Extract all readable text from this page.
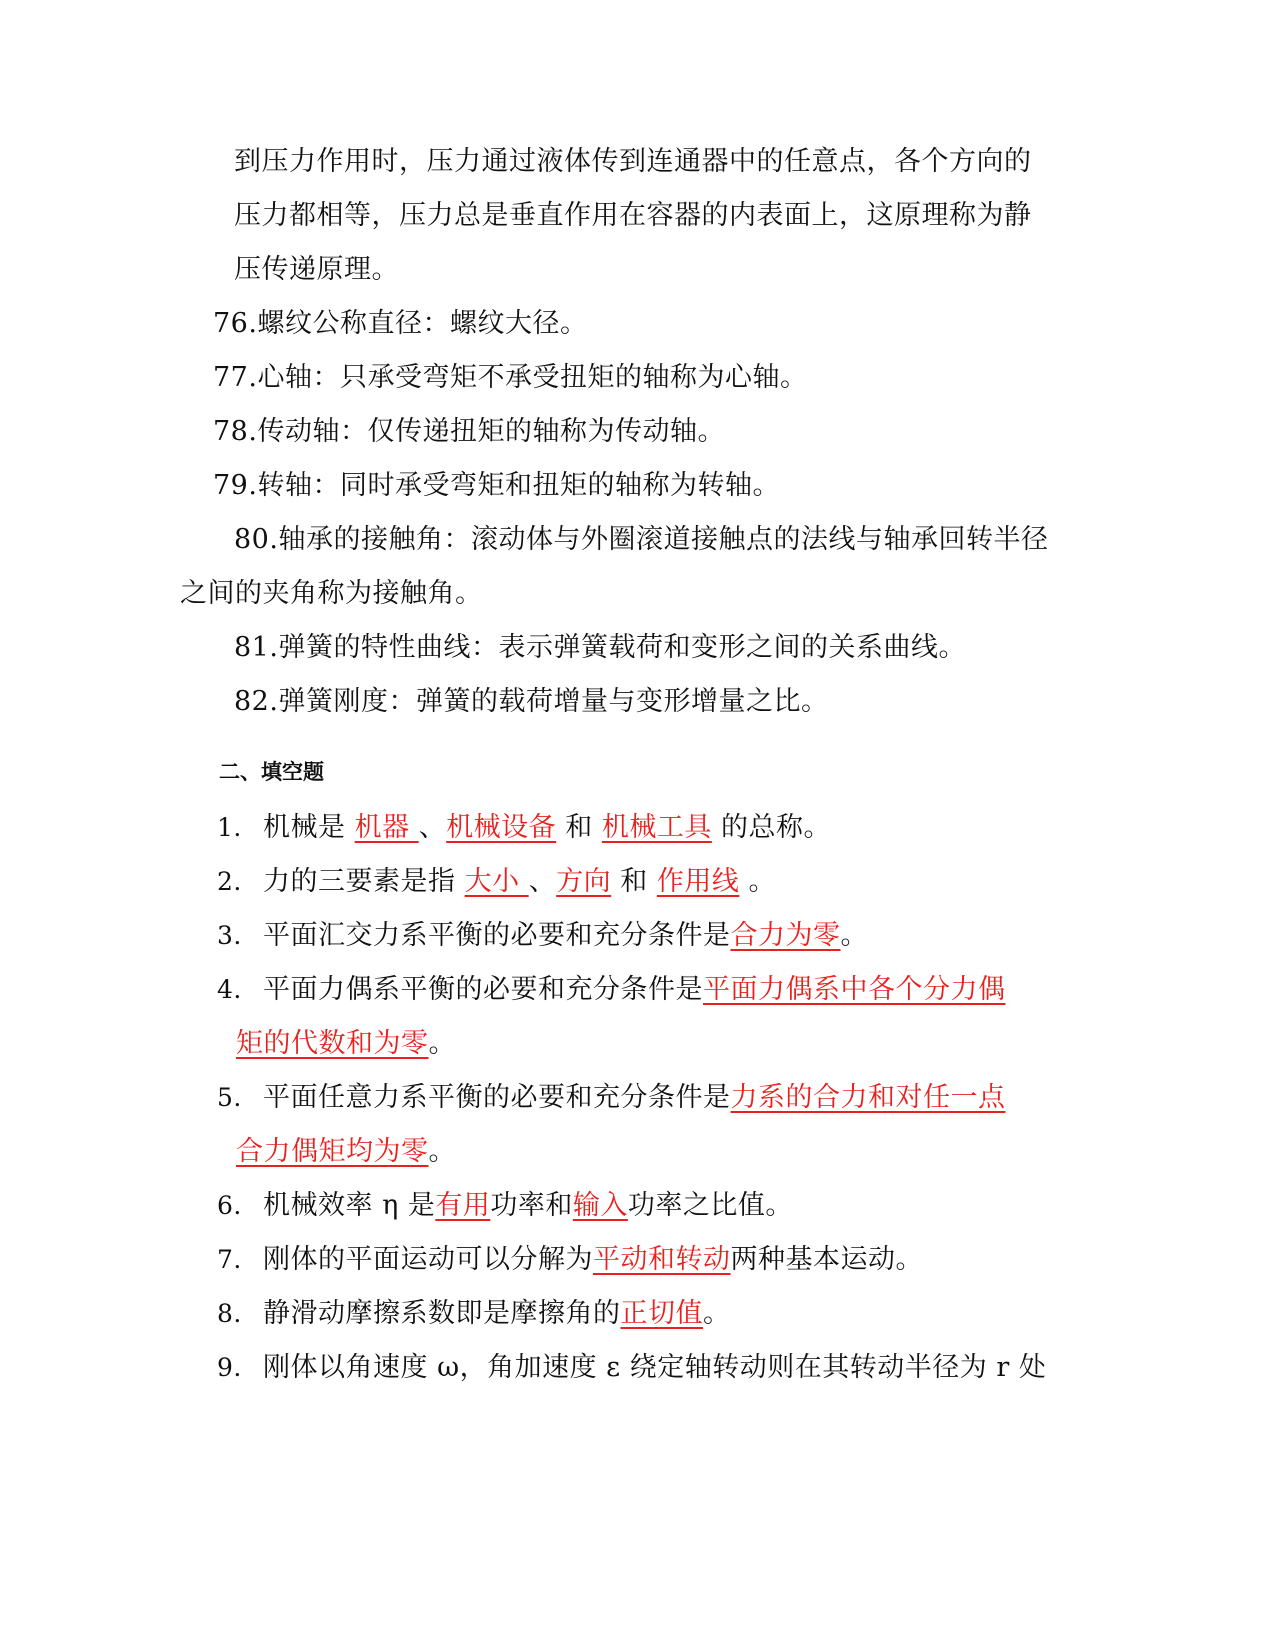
到压力作用时，压力通过液体传到连通器中的任意点，各个方向的
压力都相等，压力总是垂直作用在容器的内表面上，这原理称为静
压传递原理。
76.螺纹公称直径：螺纹大径。
77.心轴：只承受弯矩不承受扭矩的轴称为心轴。
78.传动轴：仅传递扭矩的轴称为传动轴。
79.转轴：同时承受弯矩和扭矩的轴称为转轴。
80.轴承的接触角：滚动体与外圈滚道接触点的法线与轴承回转半径
之间的夹角称为接触角。
81.弹簧的特性曲线：表示弹簧载荷和变形之间的关系曲线。
82.弹簧刚度：弹簧的载荷增量与变形增量之比。
二、填空题
1. 机械是 机器 、机械设备 和 机械工具 的总称。
2. 力的三要素是指 大小 、方向 和 作用线 。
3. 平面汇交力系平衡的必要和充分条件是合力为零。
4. 平面力偶系平衡的必要和充分条件是平面力偶系中各个分力偶
矩的代数和为零。
5. 平面任意力系平衡的必要和充分条件是力系的合力和对任一点
合力偶矩均为零。
6. 机械效率 η 是有用功率和输入功率之比值。
7. 刚体的平面运动可以分解为平动和转动两种基本运动。
8. 静滑动摩擦系数即是摩擦角的正切值。
9. 刚体以角速度 ω，角加速度 ε 绕定轴转动则在其转动半径为 r 处
